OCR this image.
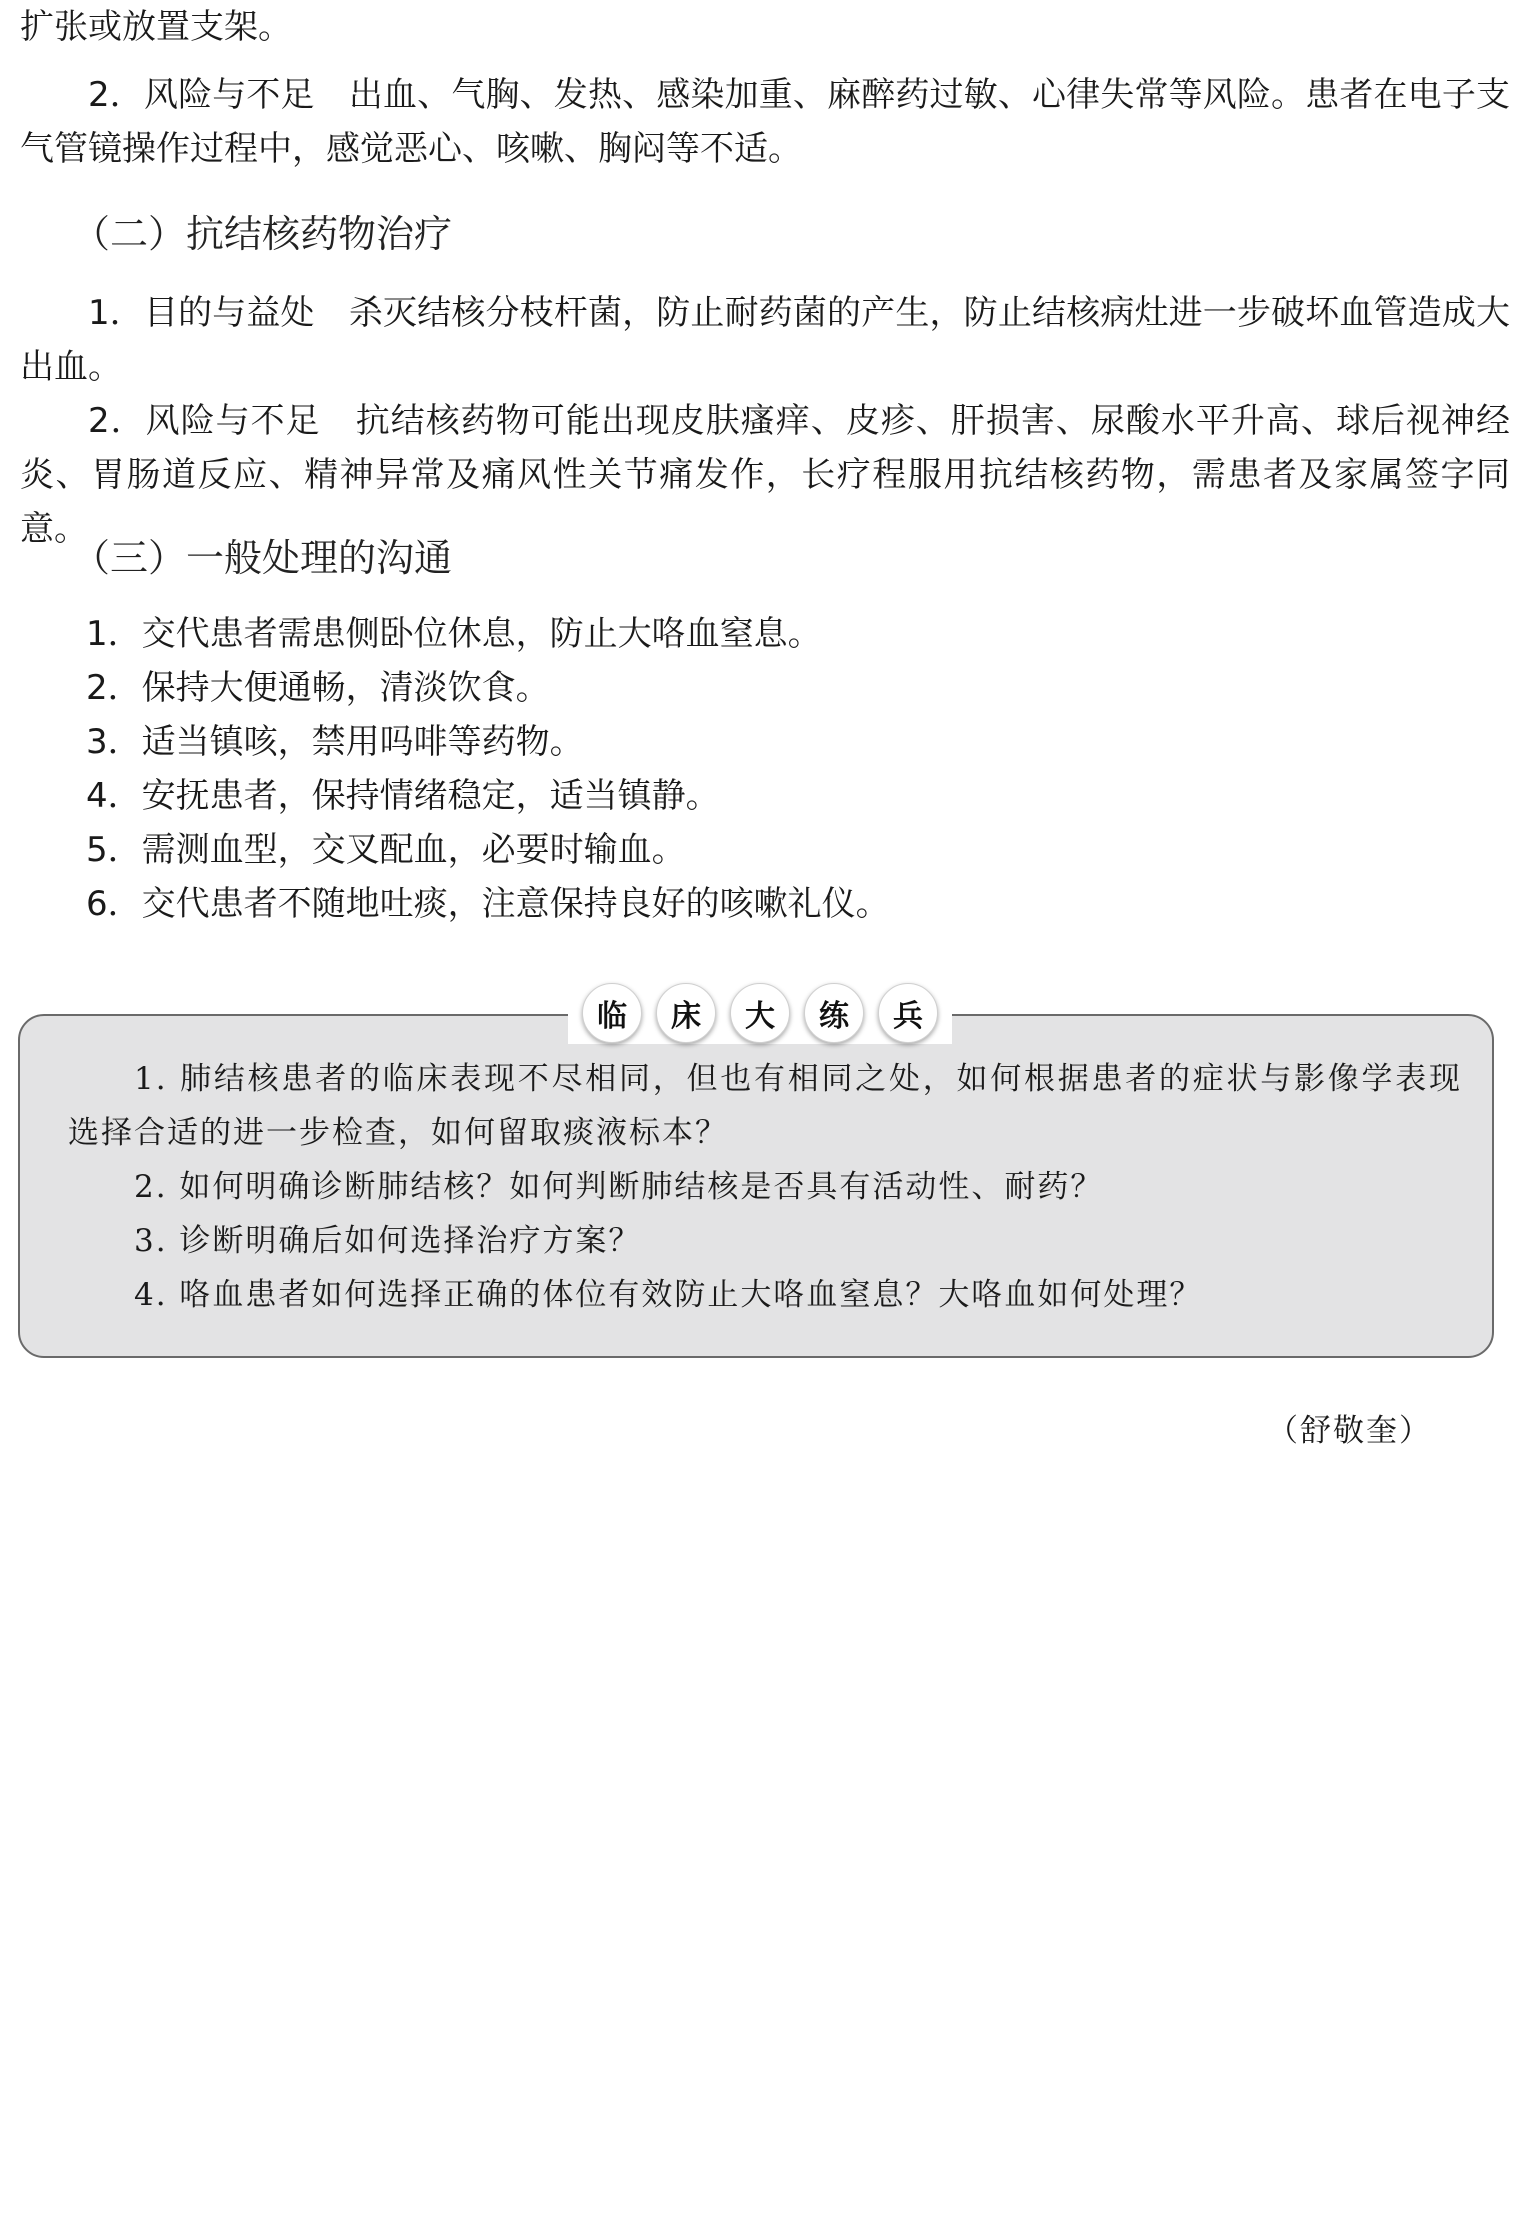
扩张或放置支架。

2．风险与不足　出血、气胸、发热、感染加重、麻醉药过敏、心律失常等风险。患者在电子支气管镜操作过程中，感觉恶心、咳嗽、胸闷等不适。

（二）抗结核药物治疗

1．目的与益处　杀灭结核分枝杆菌，防止耐药菌的产生，防止结核病灶进一步破坏血管造成大出血。

2．风险与不足　抗结核药物可能出现皮肤瘙痒、皮疹、肝损害、尿酸水平升高、球后视神经炎、胃肠道反应、精神异常及痛风性关节痛发作，长疗程服用抗结核药物，需患者及家属签字同意。

（三）一般处理的沟通
1．交代患者需患侧卧位休息，防止大咯血窒息。
2．保持大便通畅，清淡饮食。
3．适当镇咳，禁用吗啡等药物。
4．安抚患者，保持情绪稳定，适当镇静。
5．需测血型，交叉配血，必要时输血。
6．交代患者不随地吐痰，注意保持良好的咳嗽礼仪。
临	床	大	练	兵

1. 肺结核患者的临床表现不尽相同，但也有相同之处，如何根据患者的症状与影像学表现选择合适的进一步检查，如何留取痰液标本？

2. 如何明确诊断肺结核？如何判断肺结核是否具有活动性、耐药？

3. 诊断明确后如何选择治疗方案？

4. 咯血患者如何选择正确的体位有效防止大咯血窒息？大咯血如何处理？

（舒敬奎）
